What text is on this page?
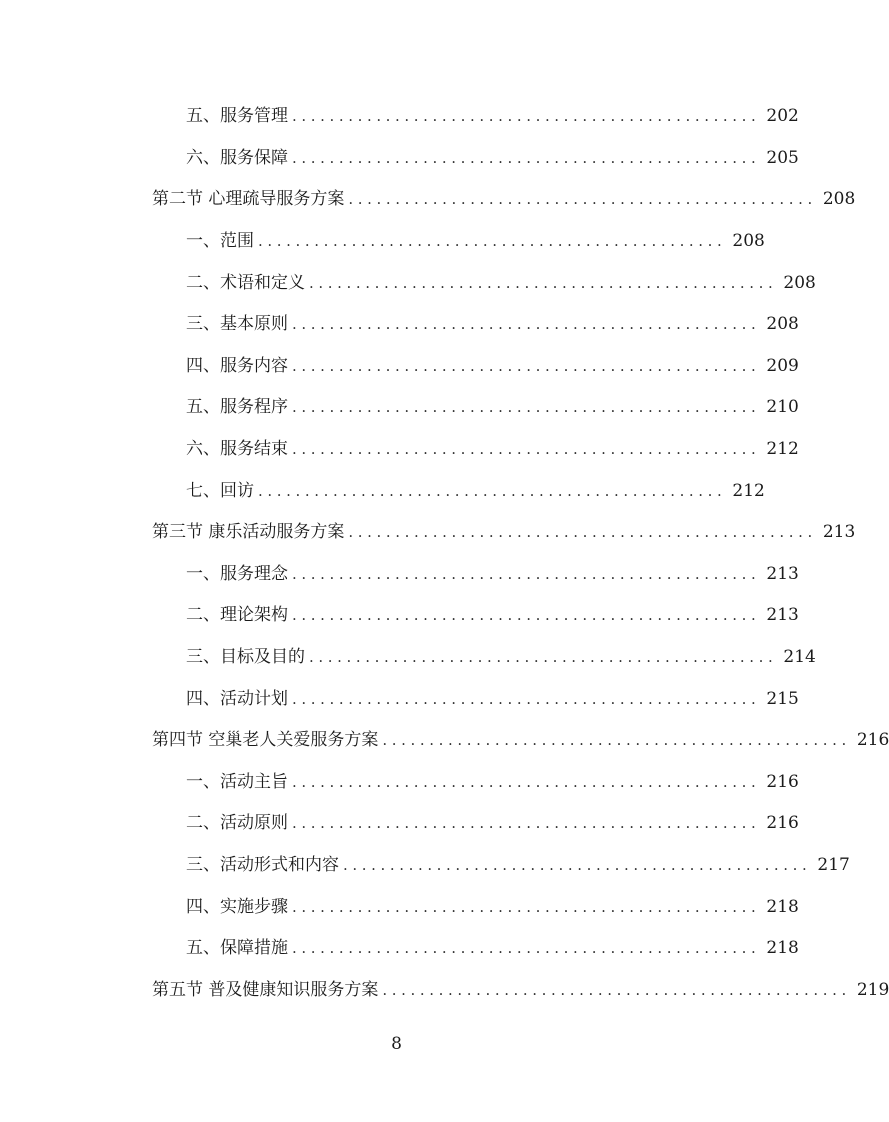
五、服务管理 .................................................. 202
六、服务保障 .................................................. 205
第二节 心理疏导服务方案 .................................................. 208
一、范围 .................................................. 208
二、术语和定义 .................................................. 208
三、基本原则 .................................................. 208
四、服务内容 .................................................. 209
五、服务程序 .................................................. 210
六、服务结束 .................................................. 212
七、回访 .................................................. 212
第三节 康乐活动服务方案 .................................................. 213
一、服务理念 .................................................. 213
二、理论架构 .................................................. 213
三、目标及目的 .................................................. 214
四、活动计划 .................................................. 215
第四节 空巢老人关爱服务方案 .................................................. 216
一、活动主旨 .................................................. 216
二、活动原则 .................................................. 216
三、活动形式和内容 .................................................. 217
四、实施步骤 .................................................. 218
五、保障措施 .................................................. 218
第五节 普及健康知识服务方案 .................................................. 219
8
